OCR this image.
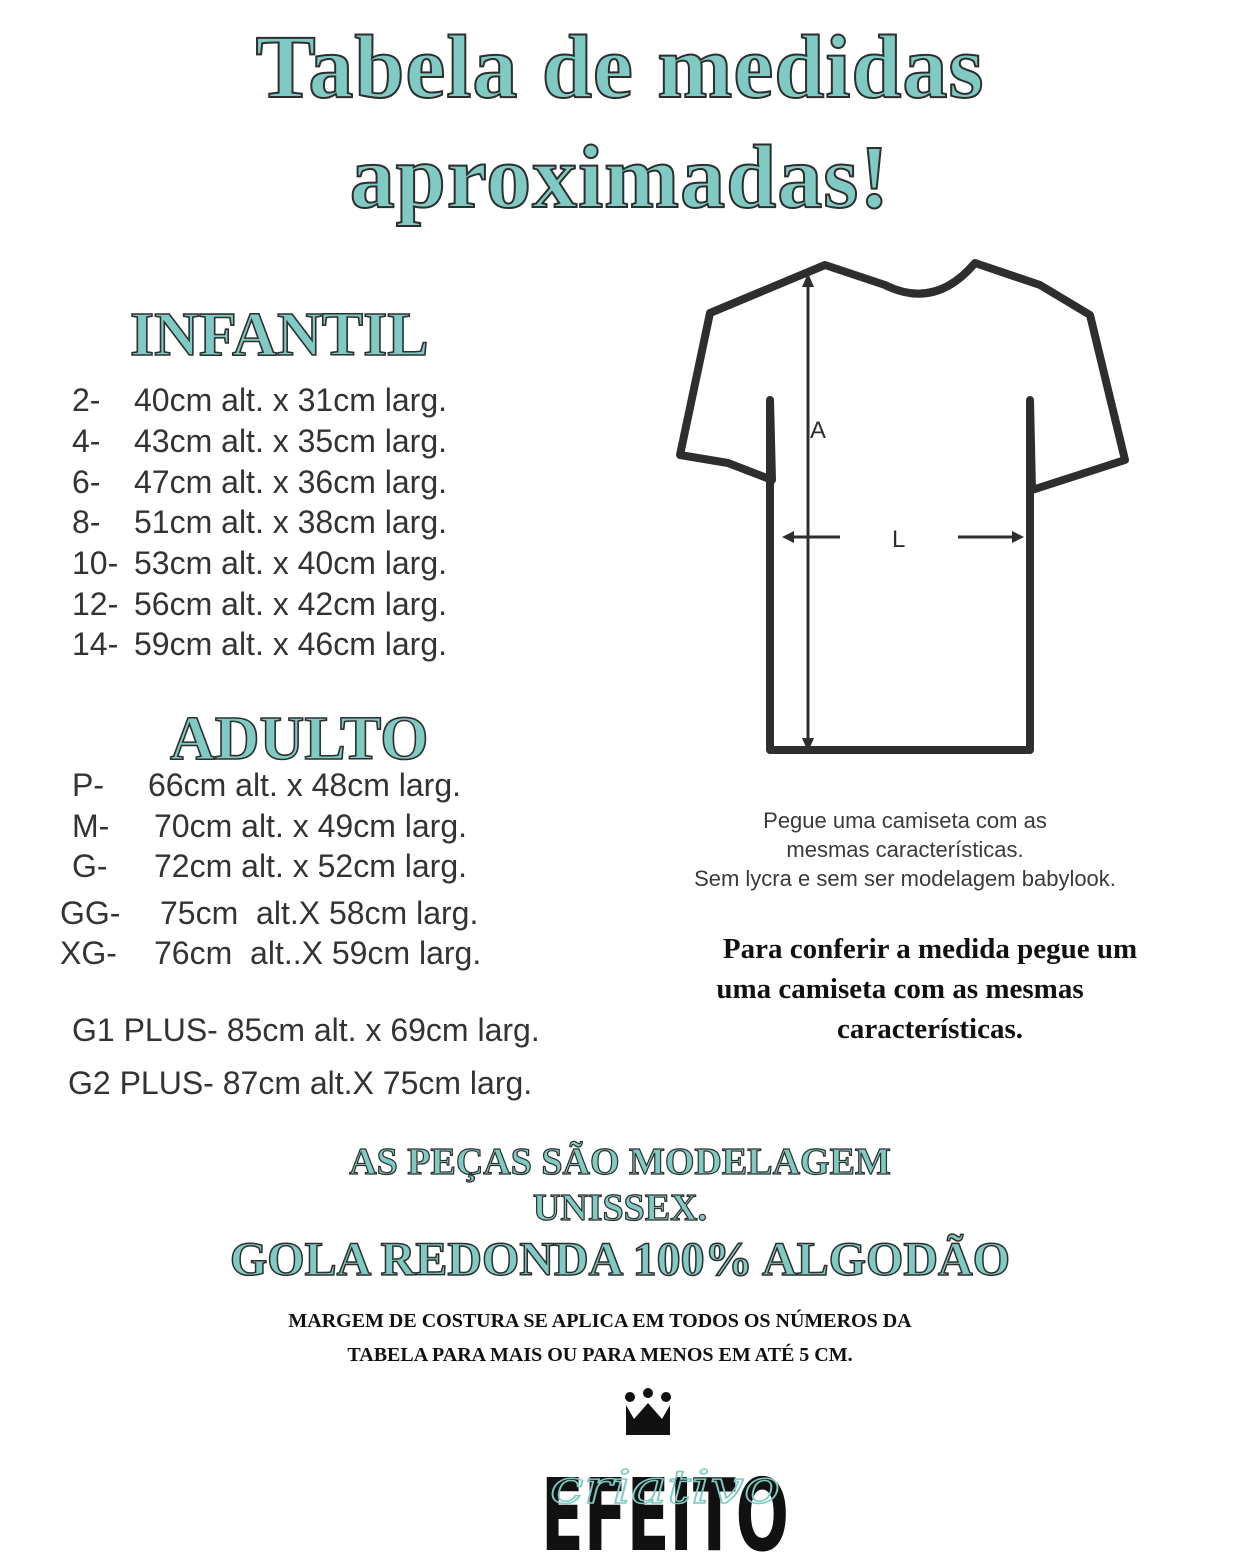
Tabela de medidas
aproximadas!
INFANTIL
2- 40cm alt. x 31cm larg.
4- 43cm alt. x 35cm larg.
6- 47cm alt. x 36cm larg.
8- 51cm alt. x 38cm larg.
10- 53cm alt. x 40cm larg.
12- 56cm alt. x 42cm larg.
14- 59cm alt. x 46cm larg.
ADULTO
P- 66cm alt. x 48cm larg.
M- 70cm alt. x 49cm larg.
G- 72cm alt. x 52cm larg.
GG- 75cm  alt.X 58cm larg.
XG- 76cm  alt..X 59cm larg.
G1 PLUS- 85cm alt. x 69cm larg.
G2 PLUS- 87cm alt.X 75cm larg.
A
L
Pegue uma camiseta com as
mesmas características.
Sem lycra e sem ser modelagem babylook.
Para conferir a medida pegue um
uma camiseta com as mesmas
características.
AS PEÇAS SÃO MODELAGEM
UNISSEX.
GOLA REDONDA 100% ALGODÃO
MARGEM DE COSTURA SE APLICA EM TODOS OS NÚMEROS DA
TABELA PARA MAIS OU PARA MENOS EM ATÉ 5 CM.
EFEITO
criativo
